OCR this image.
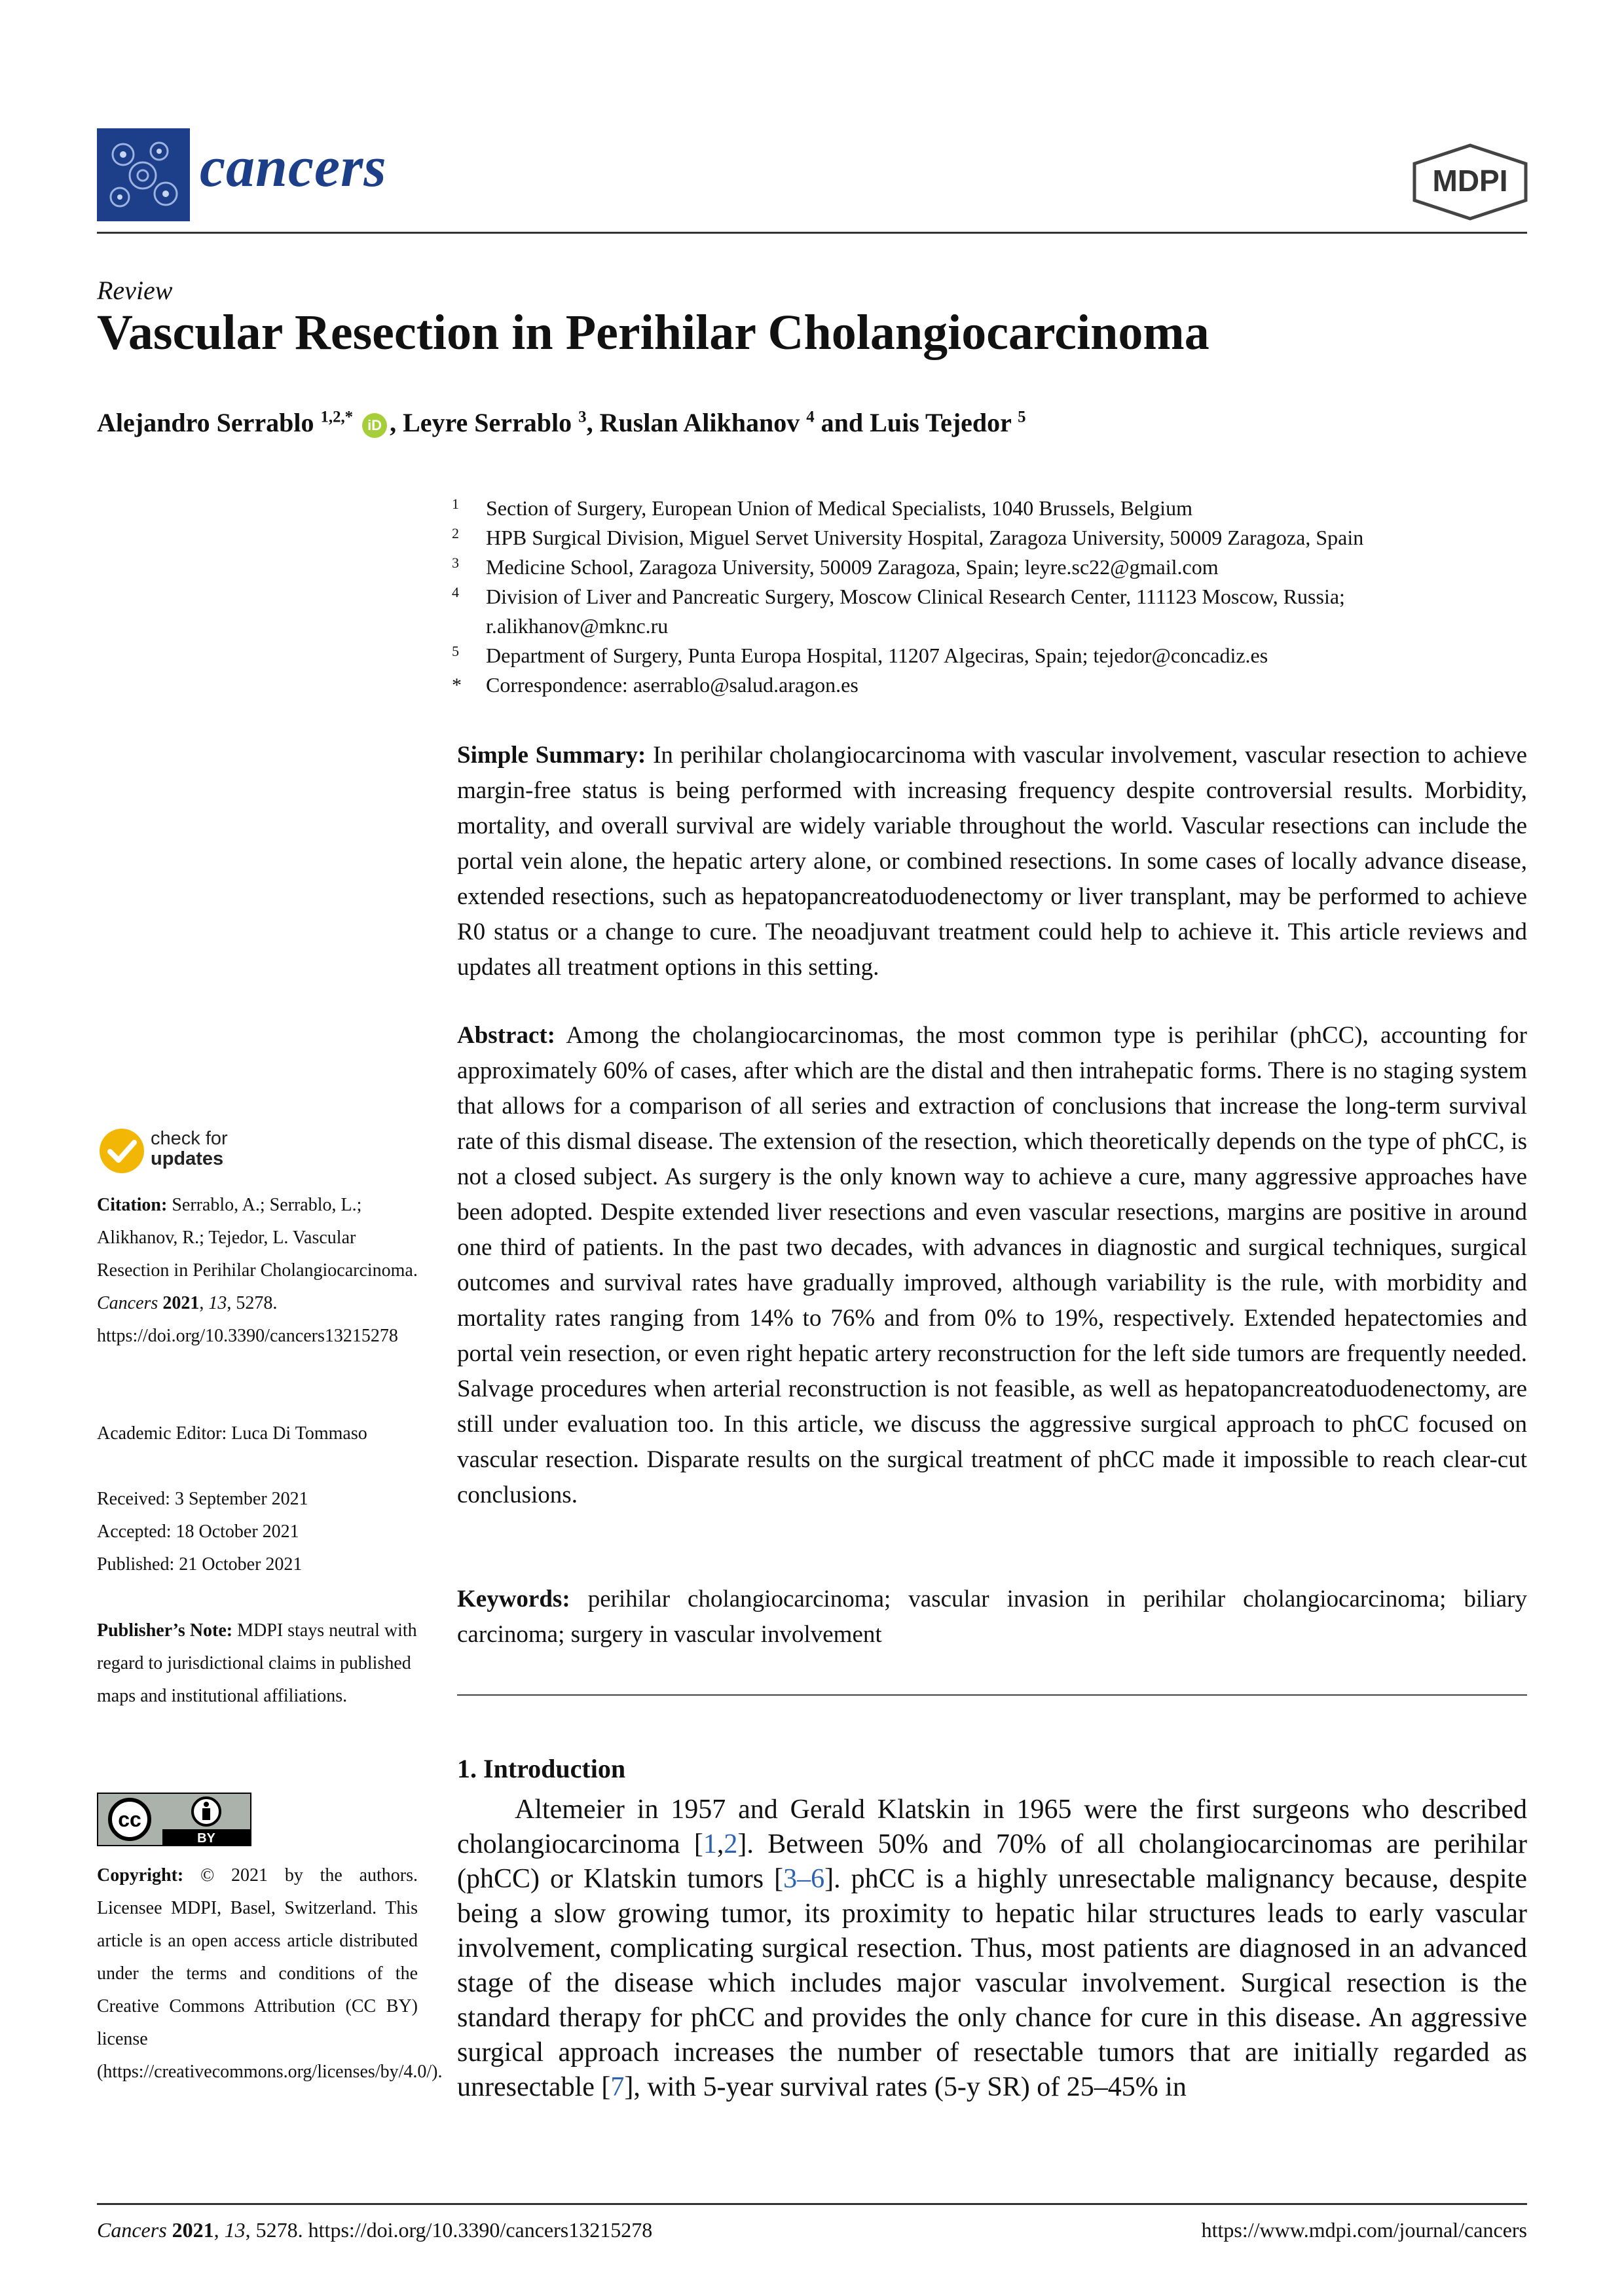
cancers	MDPI
Review
Vascular Resection in Perihilar Cholangiocarcinoma
Alejandro Serrablo $^{1,2,*}$ iD , Leyre Serrablo $^3$, Ruslan Alikhanov $^4$ and Luis Tejedor $^5$
1	Section of Surgery, European Union of Medical Specialists, 1040 Brussels, Belgium
2	HPB Surgical Division, Miguel Servet University Hospital, Zaragoza University, 50009 Zaragoza, Spain
3	Medicine School, Zaragoza University, 50009 Zaragoza, Spain; leyre.sc22@gmail.com
4	Division of Liver and Pancreatic Surgery, Moscow Clinical Research Center, 111123 Moscow, Russia; r.alikhanov@mknc.ru
5	Department of Surgery, Punta Europa Hospital, 11207 Algeciras, Spain; tejedor@concadiz.es
*	Correspondence: aserrablo@salud.aragon.es
Simple Summary: In perihilar cholangiocarcinoma with vascular involvement, vascular resection to achieve margin-free status is being performed with increasing frequency despite controversial results. Morbidity, mortality, and overall survival are widely variable throughout the world. Vascular resections can include the portal vein alone, the hepatic artery alone, or combined resections. In some cases of locally advance disease, extended resections, such as hepatopancreatoduodenectomy or liver transplant, may be performed to achieve R0 status or a change to cure. The neoadjuvant treatment could help to achieve it. This article reviews and updates all treatment options in this setting.
Abstract: Among the cholangiocarcinomas, the most common type is perihilar (phCC), accounting for approximately 60% of cases, after which are the distal and then intrahepatic forms. There is no staging system that allows for a comparison of all series and extraction of conclusions that increase the long-term survival rate of this dismal disease. The extension of the resection, which theoretically depends on the type of phCC, is not a closed subject. As surgery is the only known way to achieve a cure, many aggressive approaches have been adopted. Despite extended liver resections and even vascular resections, margins are positive in around one third of patients. In the past two decades, with advances in diagnostic and surgical techniques, surgical outcomes and survival rates have gradually improved, although variability is the rule, with morbidity and mortality rates ranging from 14% to 76% and from 0% to 19%, respectively. Extended hepatectomies and portal vein resection, or even right hepatic artery reconstruction for the left side tumors are frequently needed. Salvage procedures when arterial reconstruction is not feasible, as well as hepatopancreatoduodenectomy, are still under evaluation too. In this article, we discuss the aggressive surgical approach to phCC focused on vascular resection. Disparate results on the surgical treatment of phCC made it impossible to reach clear-cut conclusions.
Keywords: perihilar cholangiocarcinoma; vascular invasion in perihilar cholangiocarcinoma; biliary carcinoma; surgery in vascular involvement
1. Introduction
Altemeier in 1957 and Gerald Klatskin in 1965 were the first surgeons who described cholangiocarcinoma [1,2]. Between 50% and 70% of all cholangiocarcinomas are perihilar (phCC) or Klatskin tumors [3–6]. phCC is a highly unresectable malignancy because, despite being a slow growing tumor, its proximity to hepatic hilar structures leads to early vascular involvement, complicating surgical resection. Thus, most patients are diagnosed in an advanced stage of the disease which includes major vascular involvement. Surgical resection is the standard therapy for phCC and provides the only chance for cure in this disease. An aggressive surgical approach increases the number of resectable tumors that are initially regarded as unresectable [7], with 5-year survival rates (5-y SR) of 25–45% in
check for
updates
Citation: Serrablo, A.; Serrablo, L.; Alikhanov, R.; Tejedor, L. Vascular Resection in Perihilar Cholangiocarcinoma. Cancers 2021, 13, 5278. https://doi.org/10.3390/cancers13215278
Academic Editor: Luca Di Tommaso
Received: 3 September 2021
Accepted: 18 October 2021
Published: 21 October 2021
Publisher’s Note: MDPI stays neutral with regard to jurisdictional claims in published maps and institutional affiliations.
cc
BY
Copyright: © 2021 by the authors. Licensee MDPI, Basel, Switzerland. This article is an open access article distributed under the terms and conditions of the Creative Commons Attribution (CC BY) license (https://creativecommons.org/licenses/by/4.0/).
Cancers 2021, 13, 5278. https://doi.org/10.3390/cancers13215278	https://www.mdpi.com/journal/cancers
